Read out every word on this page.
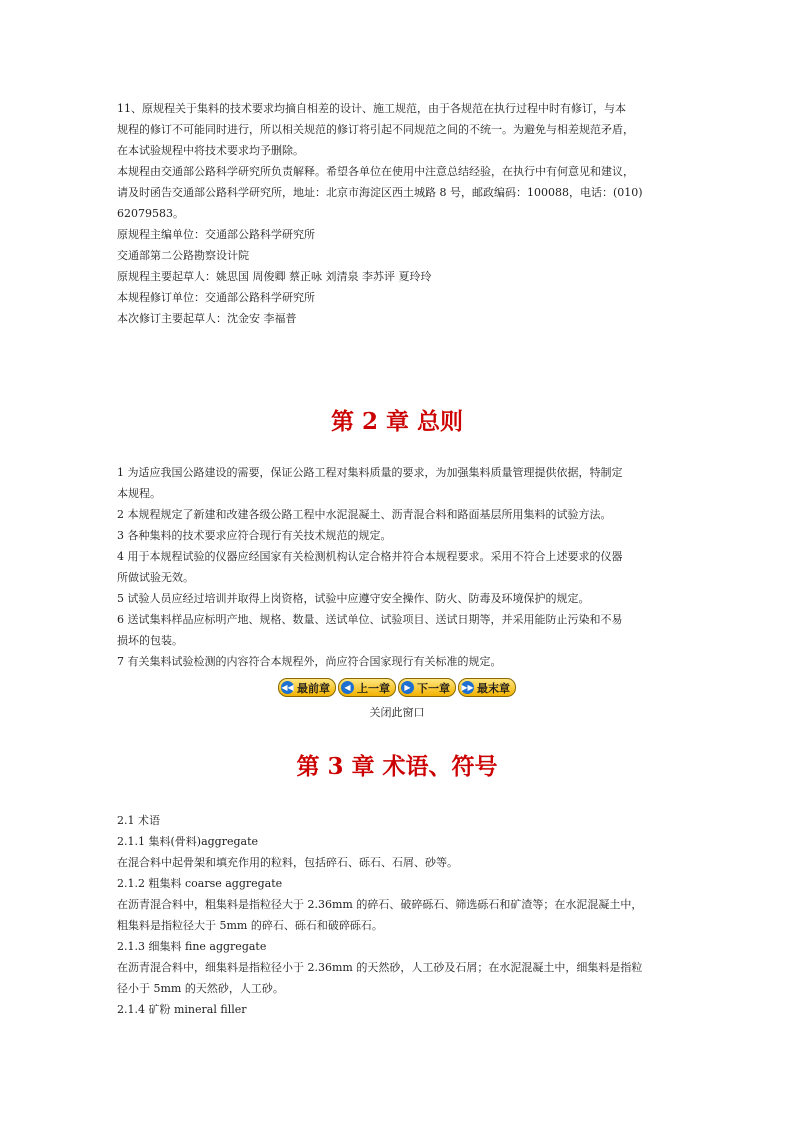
11、原规程关于集料的技术要求均摘自相差的设计、施工规范，由于各规范在执行过程中时有修订，与本

规程的修订不可能同时进行，所以相关规范的修订将引起不同规范之间的不统一。为避免与相差规范矛盾，

在本试验规程中将技术要求均予删除。

本规程由交通部公路科学研究所负责解释。希望各单位在使用中注意总结经验，在执行中有何意见和建议，

请及时函告交通部公路科学研究所，地址：北京市海淀区西土城路 8 号，邮政编码：100088，电话：(010)

62079583。

原规程主编单位：交通部公路科学研究所

交通部第二公路勘察设计院

原规程主要起草人：姚思国 周俊卿 蔡正咏 刘清泉 李苏评 夏玲玲

本规程修订单位：交通部公路科学研究所

本次修订主要起草人：沈金安 李福普

第 2 章 总则

1 为适应我国公路建设的需要，保证公路工程对集料质量的要求，为加强集料质量管理提供依据，特制定

本规程。

2 本规程规定了新建和改建各级公路工程中水泥混凝土、沥青混合料和路面基层所用集料的试验方法。

3 各种集料的技术要求应符合现行有关技术规范的规定。

4 用于本规程试验的仪器应经国家有关检测机构认定合格并符合本规程要求。采用不符合上述要求的仪器

所做试验无效。

5 试验人员应经过培训并取得上岗资格，试验中应遵守安全操作、防火、防毒及环境保护的规定。

6 送试集料样品应标明产地、规格、数量、送试单位、试验项目、送试日期等，并采用能防止污染和不易

损坏的包装。

7 有关集料试验检测的内容符合本规程外，尚应符合国家现行有关标准的规定。

◀◀ 最前章	◀ 上一章	▶ 下一章 ▶▶ 最末章
关闭此窗口
第 3 章 术语、符号

2.1 术语

2.1.1 集料(骨料)aggregate

在混合料中起骨架和填充作用的粒料，包括碎石、砾石、石屑、砂等。

2.1.2 粗集料 coarse aggregate

在沥青混合料中，粗集料是指粒径大于 2.36mm 的碎石、破碎砾石、筛选砾石和矿渣等；在水泥混凝土中，

粗集料是指粒径大于 5mm 的碎石、砾石和破碎砾石。

2.1.3 细集料 fine aggregate

在沥青混合料中，细集料是指粒径小于 2.36mm 的天然砂，人工砂及石屑；在水泥混凝土中，细集料是指粒

径小于 5mm 的天然砂，人工砂。

2.1.4 矿粉 mineral filler
